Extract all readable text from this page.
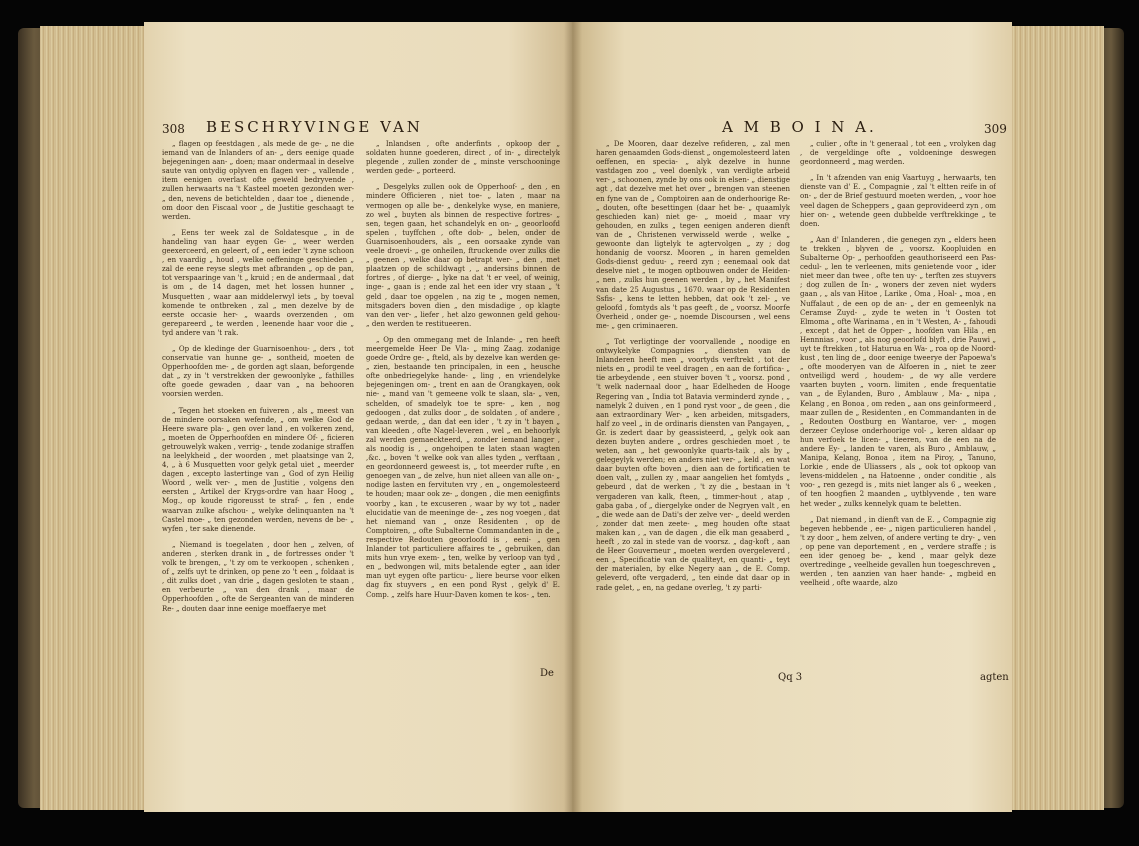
308 BESCHRYVINGE VAN

„ flagen op feestdagen , als mede de ge- „ ne die iemand van de Inlanders of an- „ ders eenige quade bejegeningen aan- „ doen; maar ondermaal in deselve saute van ontydig oplyven en flagen ver- „ vallende , item eenigen overlast ofte geweld bedryvende , zullen herwaarts na 't Kasteel moeten gezonden wer- „ den, nevens de betichtelden , daar toe „ dienende , om door den Fiscaal voor „ de Justitie geschaagt te werden.

„ Eens ter week zal de Soldatesque „ in de handeling van haar eygen Ge- „ weer werden geexerceerd, en geleert, of „ een ieder 't zyne schoon , en vaardig „ houd , welke oeffeninge geschieden „ zal de eene reyse slegts met afbranden „ op de pan, tot verspaaringe van 't „ kruid ; en de andermaal , dat is om „ de 14 dagen, met het lossen hunner „ Musquetten , waar aan middelerwyl iets „ by toeval komende te ontbreken , zal „ men dezelve by de eerste occasie her- „ waards overzenden , om gerepareerd „ te werden , leenende haar voor die „ tyd andere van 't rak.

„ Op de kledinge der Guarnisoenhou- „ ders , tot conservatie van hunne ge- „ sontheid, moeten de Opperhoofden me- „ de gorden agt slaan, beforgende dat „ zy in 't verstrekken der gewoonlyke „ fathilles ofte goede gewaden , daar van „ na behooren voorsien werden.

„ Tegen het stoeken en fuiveren , als „ meest van de mindere oorsaken wefende, „ om welke God de Heere sware pla- „ gen over land , en volkeren zend, „ moeten de Opperhoofden en mindere Of- „ ficieren getrouwelyk waken , verrig- „ tende zodanige straffen na leelykheid „ der woorden , met plaatsinge van 2, 4, „ à 6 Musquetten voor gelyk getal uiet „ meerder dagen , excepto lastertinge van „ God of zyn Heilig Woord , welk ver- „ men de Justitie , volgens den eersten „ Artikel der Krygs-ordre van haar Hoog „ Mog., op koude rigoreusst te straf- „ fen , ende waarvan zulke afschou- „ welyke delinquanten na 't Castel moe- „ ten gezonden werden, nevens de be- „ wyfen , ter sake dienende.

„ Niemand is toegelaten , door hen „ zelven, of anderen , sterken drank in „ de fortresses onder 't volk te brengen, „ 't zy om te verkoopen , schenken , of „ zelfs uyt te drinken, op pene zo 't een „ foldaat is , dit zulks doet , van drie „ dagen gesloten te staan , en verbeurte „ van den drank , maar de Opperhoofden „ ofte de Sergeanten van de minderen Re- „ douten daar inne eenige moeffaerye met

„ Inlandsen , ofte anderfints , opkoop der „ soldaten hunne goederen, direct , of in- „ directelyk plegende , zullen zonder de „ minste verschooninge werden gede- „ porteerd.

„ Desgelyks zullen ook de Opperhoof- „ den , en mindere Officieren , niet toe- „ laten , maar na vermogen op alle be- „ denkelyke wyse, en maniere, zo wel „ buyten als binnen de respective fortres- „ sen, tegen gaan, het schandelyk en on- „ geoorloofd spelen , tuyffchen , ofte dob- „ belen, onder de Guarnisoenhouders, als „ een oorsaake zynde van veele droevi- „ ge onheilen, ftruckende over zulks die „ geenen , welke daar op betrapt wer- „ den , met plaatzen op de schildwagt , „ andersins binnen de fortres , of dierge- „ lyke na dat 't er veel, of weinig, inge- „ gaan is ; ende zal het een ider vry staan „ 't geld , daar toe opgelen , na zig te „ mogen nemen, mitsgaders boven dien „ den misdadige , op klagte van den ver- „ liefer , het alzo gewonnen geld gehou- „ den werden te restitueeren.

„ Op den ommegang met de Inlande- „ ren heeft meergemelde Heer De Vla- „ ming Zaag. zodanige goede Ordre ge- „ fteld, als by dezelve kan werden ge- „ zien, bestaande ten principalen, in een „ heusche ofte onbedriegelyke hande- „ ling , en vriendelyke bejegeningen om- „ trent en aan de Orangkayen, ook nie- „ mand van 't gemeene volk te slaan, sla- „ ven, schelden, of smadelyk toe te spre- „ ken , nog gedoogen , dat zulks door „ de soldaten , of andere , gedaan werde, „ dan dat een ider , 't zy in 't bayen „ van kleeden , ofte Nagel-leveren , wel „ en behoorlyk zal werden gemaeckteerd, „ zonder iemand langer , als noodig is , „ ongehoipen te laten staan wagten ,&c. „ boven 't welke ook van alles tyden „ verftaan , en geordonneerd geweest is, „ tot meerder rufte , en genoegen van „ de zelve, hun niet alleen van alle on- „ nodige lasten en fervituten vry , en „ ongemolesteerd te houden; maar ook ze- „ dongen , die men eenigfints voorby „ kan , te excuseren , waar by wy tot „ nader elucidatie van de meeninge de- „ zes nog voegen , dat het niemand van „ onze Residenten , op de Comptoiren, „ ofte Subalterne Commandanten in de „ respective Redouten geoorloofd is , eeni- „ gen Inlander tot particuliere affaires te „ gebruiken, dan mits hun vrye exem- „ ten, welke by verloop van tyd , en „ bedwongen wil, mits betalende egter „ aan ider man uyt eygen ofte particu- „ liere beurse voor elken dag fix stuyvers „ en een pond Ryst , gelyk d' E. Comp. „ zelfs hare Huur-Daven komen te kos- „ ten.

De
A M B O I N A.	309

„ De Mooren, daar dezelve refideren, „ zal men haren genaamden Gods-dienst „ ongemolesteerd laten oeffenen, en specia- „ alyk dezelve in hunne vastdagen zoo „ veel doenlyk , van verdigte arbeid ver- „ schoonen, zynde by ons ook in elsen- „ dienstige agt , dat dezelve met het over „ brengen van steenen en fyne van de „ Comptoiren aan de onderhoorige Re- „ douten, ofte besettingen (daar het be- „ quaamlyk geschieden kan) niet ge- „ moeid , maar vry gehouden, en zulks „ tegen eenigen anderen dienft van de „ Christenen verwisseld werde , welke „ gewoonte dan ligtelyk te agtervolgen „ zy ; dog hondanig de voorsz. Mooren „ in haren gemelden Gods-dienst geduu- „ reerd zyn ; eenemaal ook dat deselve niet „ te mogen optbouwen onder de Heiden- „ nen , zulks hun geenen werden , by „ het Manifest van date 25 Augustus „ 1670. waar op de Residenten Ssfis- „ kens te letten hebben, dat ook 't zel- „ ve geloofd , fomtyds als 't pas geeft , de „ voorsz. Moorfe Overheid , onder ge- „ noemde Discoursen , wel eens me- „ gen criminaeren.

„ Tot verligtinge der voorvallende „ noodige en ontwykelyke Compagnies „ diensten van de Inlanderen heeft men „ voortyds verftrekt , tot der niets en „ prodil te veel dragen , en aan de fortifica- „ tie arbeydende , een stuiver boven 't „ voorsz. pond , 't welk nadernaal door „ haar Edelheden de Hooge Regering van „ India tot Batavia verminderd zynde , „ namelyk 2 duiven , en 1 pond ryst voor „ de geen , die aan extraordinary Wer- „ ken arbeiden, mitsgaders, half zo veel „ in de ordinaris diensten van Pangayen, „ Gr. is zedert daar by geassisteerd, „ gelyk ook aan dezen buyten andere „ ordres geschieden moet , te weten, aan „ het gewoonlyke quarts-taik , als by „ gelegeylyk werden; en anders niet ver- „ keld , en wat daar buyten ofte boven „ dien aan de fortificatien te doen valt, „ zullen zy , maar aangelien het fomtyds „ gebeurd , dat de werken , 't zy die „ bestaan in 't vergaderen van kalk, fteen, „ timmer-hout , atap , gaba gaba , of „ diergelyke onder de Negryen valt , en „ die wede aan de Dati's der zelve ver- „ deeld werden , zonder dat men zeete- „ meg houden ofte staat maken kan , „ van de dagen , die elk man geaaberd „ heeft , zo zal in stede van de voorsz. „ dag-koft , aan de Heer Gouverneur „ moeten werden overgeleverd , een „ Specificatie van de qualiteyt, en quanti- „ teyt der materialen, by elke Negery aan „ de E. Comp. geleverd, ofte vergaderd, „ ten einde dat daar op in rade gelet, „ en, na gedane overleg, 't zy parti-

„ culier , ofte in 't generaal , tot een „ vrolyken dag , de vergeldinge ofte „ voldoeninge deswegen geordonneerd „ mag werden.

„ In 't afzenden van enig Vaartuyg „ herwaarts, ten dienste van d' E. „ Compagnie , zal 't eltten reife in of on- „ der de Brief gestuurd moeten werden, „ voor hoe veel dagen de Scheppers „ gaan geprovideerd zyn , om hier on- „ wetende geen dubbelde verftrekkinge „ te doen.

„ Aan d' Inlanderen , die genegen zyn „ elders heen te trekken , blyven de „ voorsz. Koopluiden en Subalterne Op- „ perhoofden geauthoriseerd een Pas-cedul- „ len te verleenen, mits genietende voor „ ider niet meer dan twee , ofte ten uy- „ terften zes stuyvers ; dog zullen de In- „ woners der zeven niet wyders gaan , „ als van Hitoe , Larike , Oma , Hoal- „ moa , en Nuffalaut , de een op de an- „ der en gemeenlyk na Ceramse Zuyd- „ zyde te weten in 't Oosten tot Elmoma „ ofte Warinama , en in 't Westen, A- „ fahoudi , except , dat het de Opper- „ hoofden van Hila , en Hennnias , voor „ als nog geoorlofd blyft , drie Pauwi „ uyt te ftrekken , tot Haturua en Wa- „ roa op de Noord-kust , ten ling de „ door eenige tweerye der Papoewa's „ ofte mooderyen van de Alfoeren in „ niet te zeer ontveiligd werd , houdem- „ de wy alle verdere vaarten buyten „ voorn. limiten , ende frequentatie van „ de Eylanden, Buro , Amblauw , Ma- „ nipa , Kelang , en Bonoa , om reden „ aan ons geinformeerd , maar zullen de „ Residenten , en Commandanten in de „ Redouten Oostburg en Wantaroe, ver- „ mogen derzeer Ceylose onderhoorige vol- „ keren aldaar op hun verfoek te licen- „ tieeren, van de een na de andere Ey- „ landen te varen, als Buro , Amblauw, „ Manipa, Kelang, Bonoa , item na Piroy, „ Tanuno, Lorkie , ende de Uliassers , als „ ook tot opkoop van levens-middelen „ na Hatoenne , onder conditie , als voo- „ ren gezegd is , mits niet langer als 6 „ weeken , of ten hoogfien 2 maanden „ uytblyvende , ten ware het weder „ zulks kennelyk quam te beletten.

„ Dat niemand , in dienft van de E. „ Compagnie zig begeven hebbende , ee- „ nigen particulieren handel , 't zy door „ hem zelven, of andere verting te dry- „ ven , op pene van deportement , en „ verdere straffe ; is een ider genoeg be- „ kend , maar gelyk deze overtredinge „ veelheide gevallen hun toegeschreven „ werden , ten aanzien van haer hande- „ mgbeid en veelheid , ofte waarde, alzo

Qq 3	agten
